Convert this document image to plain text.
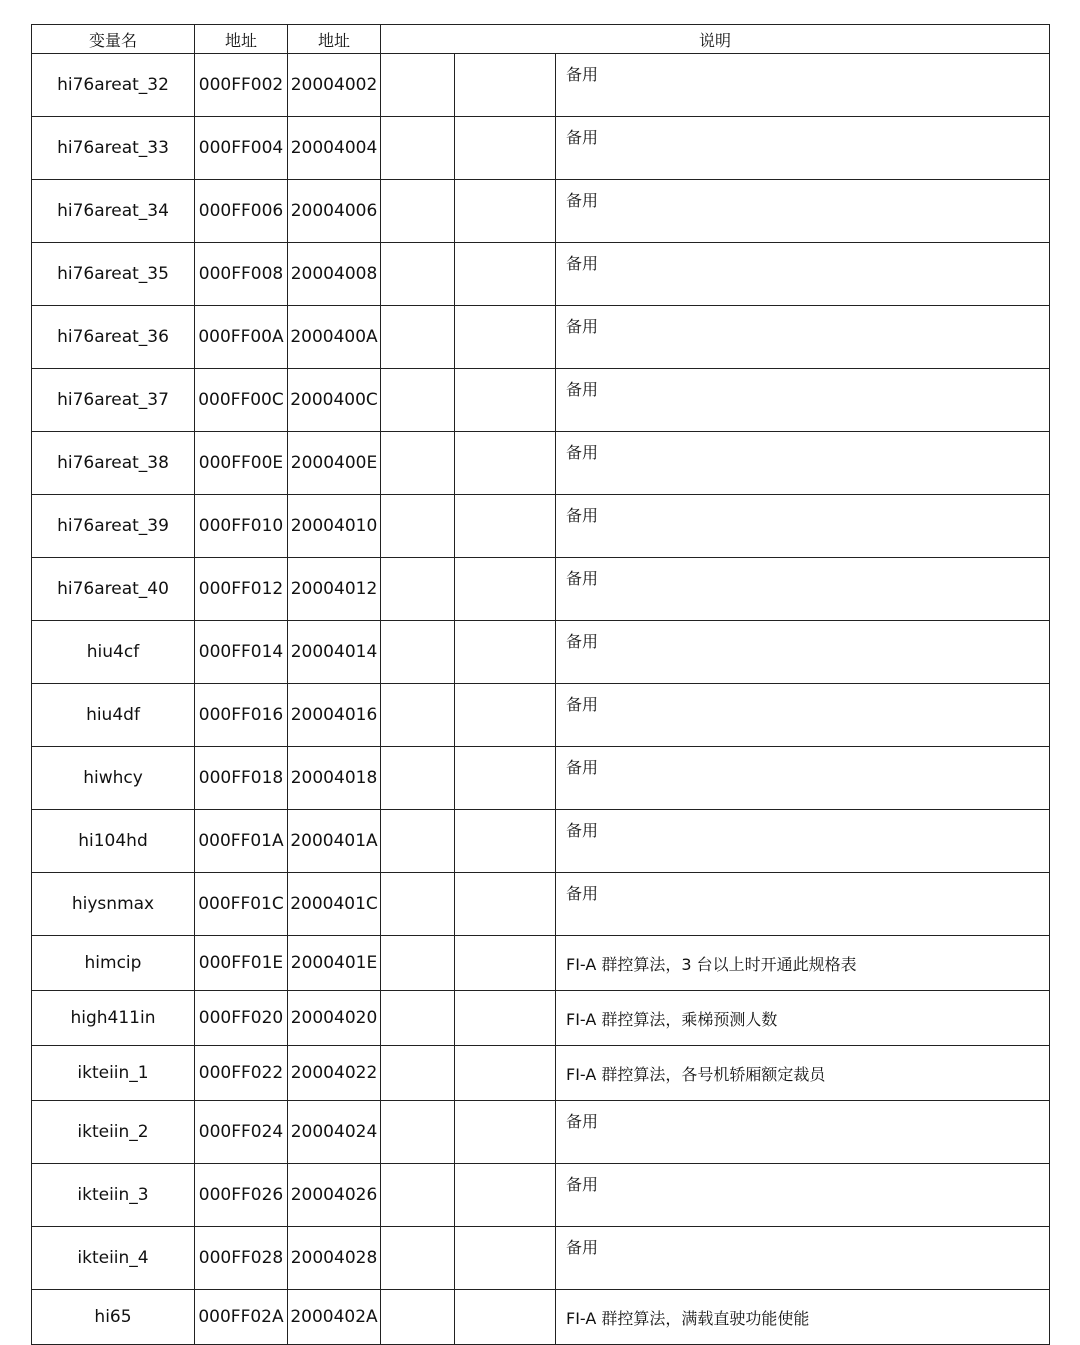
变量名	地址	地址	说明		
hi76areat_32	000FF002	20004002			备用
hi76areat_33	000FF004	20004004			备用
hi76areat_34	000FF006	20004006			备用
hi76areat_35	000FF008	20004008			备用
hi76areat_36	000FF00A	2000400A			备用
hi76areat_37	000FF00C	2000400C			备用
hi76areat_38	000FF00E	2000400E			备用
hi76areat_39	000FF010	20004010			备用
hi76areat_40	000FF012	20004012			备用
hiu4cf	000FF014	20004014			备用
hiu4df	000FF016	20004016			备用
hiwhcy	000FF018	20004018			备用
hi104hd	000FF01A	2000401A			备用
hiysnmax	000FF01C	2000401C			备用
himcip	000FF01E	2000401E			FI-A 群控算法，3 台以上时开通此规格表
high411in	000FF020	20004020			FI-A 群控算法，乘梯预测人数
ikteiin_1	000FF022	20004022			FI-A 群控算法，各号机轿厢额定裁员
ikteiin_2	000FF024	20004024			备用
ikteiin_3	000FF026	20004026			备用
ikteiin_4	000FF028	20004028			备用
hi65	000FF02A	2000402A			FI-A 群控算法，满载直驶功能使能
